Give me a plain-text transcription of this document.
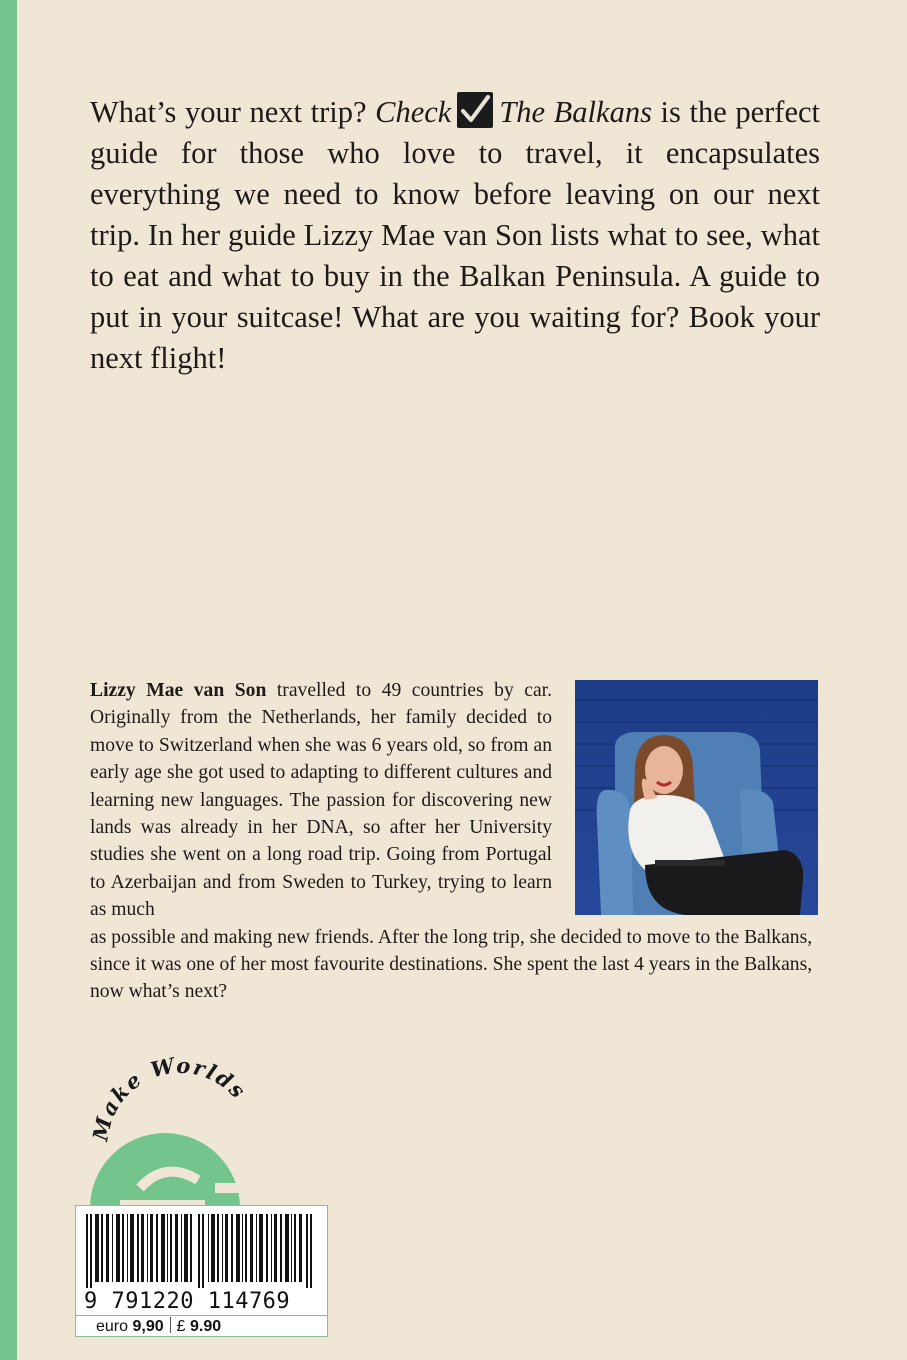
What’s your next trip? Check The Balkans is the perfect guide for those who love to travel, it encapsulates everything we need to know before leaving on our next trip. In her guide Lizzy Mae van Son lists what to see, what to eat and what to buy in the Balkan Peninsula. A guide to put in your suitcase! What are you waiting for? Book your next flight!

Lizzy Mae van Son travelled to 49 countries by car. Originally from the Netherlands, her family decided to move to Switzerland when she was 6 years old, so from an early age she got used to adapting to different cultures and learning new languages. The passion for discovering new lands was already in her DNA, so after her University studies she went on a long road trip. Going from Portugal to Azerbaijan and from Sweden to Turkey, trying to learn as much

as possible and making new friends. After the long trip, she decided to move to the Balkans, since it was one of her most favourite destinations. She spent the last 4 years in the Balkans, now what’s next?

Make Worlds
9 791220 114769
euro 9,90 £ 9.90
